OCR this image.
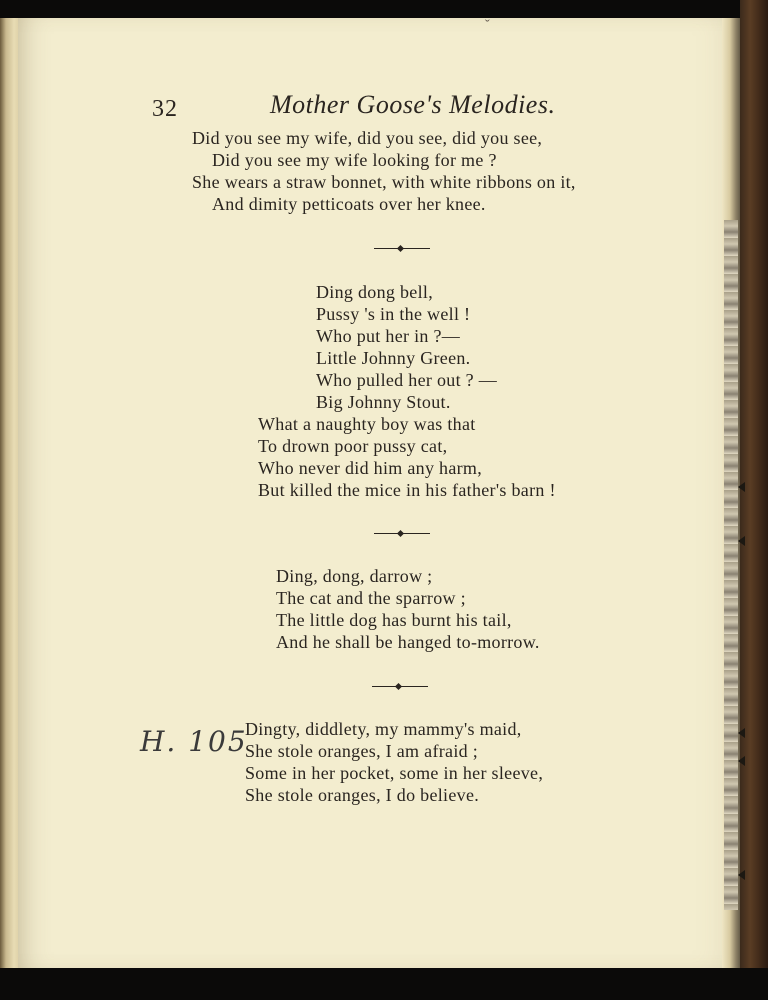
ˇ
32	Mother Goose's Melodies.
Did you see my wife, did you see, did you see,
Did you see my wife looking for me ?
She wears a straw bonnet, with white ribbons on it,
And dimity petticoats over her knee.
Ding dong bell,
Pussy 's in the well !
Who put her in ?—
Little Johnny Green.
Who pulled her out ? —
Big Johnny Stout.
What a naughty boy was that
To drown poor pussy cat,
Who never did him any harm,
But killed the mice in his father's barn !
Ding, dong, darrow ;
The cat and the sparrow ;
The little dog has burnt his tail,
And he shall be hanged to-morrow.
Dingty, diddlety, my mammy's maid,
She stole oranges, I am afraid ;
Some in her pocket, some in her sleeve,
She stole oranges, I do believe.
H. 105
